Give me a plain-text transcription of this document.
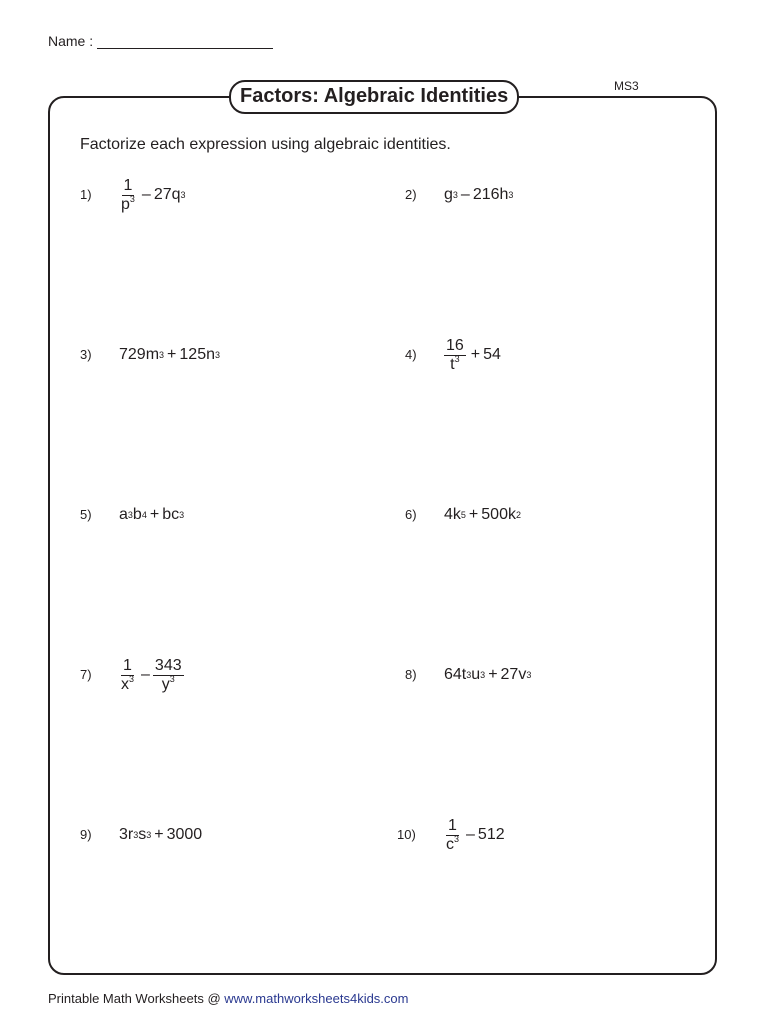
Name :
MS3
Factors: Algebraic Identities
Factorize each expression using algebraic identities.
$1) \frac{1}{p^3} - 27q$ 3	2) g 3 – 216h 3
3) 729m 3 + 125n 3	$4) \frac{16}{t^3} + 54$
5) a 3 b 4 + bc 3	6) 4k 5 + 500k 2
$7) \frac{1}{x^3} - \frac{343}{y^3}$	8) 64t 3 u 3 + 27v 3
9) 3r 3 s 3 + 3000	$10) \frac{1}{c^3} - 512$
Printable Math Worksheets @ www.mathworksheets4kids.com
